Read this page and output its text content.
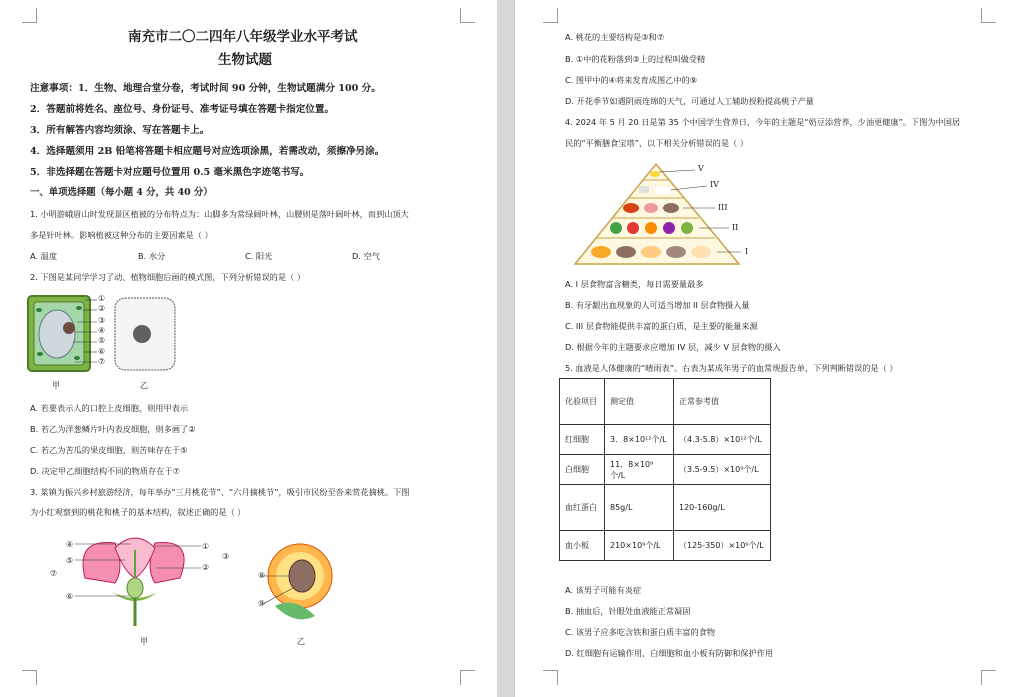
南充市二〇二四年八年级学业水平考试
生物试题
注意事项：1．生物、地理合堂分卷，考试时间 90 分钟，生物试题满分 100 分。
2．答题前将姓名、座位号、身份证号、准考证号填在答题卡指定位置。
3．所有解答内容均须涂、写在答题卡上。
4．选择题须用 2B 铅笔将答题卡相应题号对应选项涂黑，若需改动，须擦净另涂。
5．非选择题在答题卡对应题号位置用 0.5 毫米黑色字迹笔书写。
一、单项选择题（每小题 4 分，共 40 分）
1. 小明游峨眉山时发现景区植被的分布特点为：山脚多为常绿阔叶林，山腰则是落叶阔叶林，而到山顶大
多是针叶林。影响植被这种分布的主要因素是（ ）
A. 温度	B. 水分	C. 阳光	D. 空气
2. 下图是某同学学习了动、植物细胞后画的模式图，下列分析错误的是（ ）
①
②
③
④
⑤
⑥
⑦
甲	乙
A. 若要表示人的口腔上皮细胞，则用甲表示
B. 若乙为洋葱鳞片叶内表皮细胞，则多画了②
C. 若乙为苦瓜的果皮细胞，则苦味存在于⑤
D. 决定甲乙细胞结构不同的物质存在于⑦
3. 某镇为振兴乡村旅游经济，每年举办“三月桃花节”、“六月摘桃节”，吸引市民纷至沓来赏花摘桃。下图
为小红观察到的桃花和桃子的基本结构，叙述正确的是（ ）
④
⑤
⑦
⑥
①
②
③
⑧
⑨
甲	乙
A. 桃花的主要结构是③和⑦
B. ①中的花粉落到③上的过程叫做受精
C. 图甲中的④将来发育成图乙中的⑨
D. 开花季节如遇阴雨连绵的天气，可通过人工辅助授粉提高桃子产量
4. 2024 年 5 月 20 日是第 35 个中国学生营养日，今年的主题是“奶豆添营养，少油更健康”。下图为中国居
民的“平衡膳食宝塔”，以下相关分析错误的是（ ）
V
IV
III
II
I
A. I 层食物富含糖类，每日需要量最多
B. 有牙龈出血现象的人可适当增加 II 层食物摄入量
C. III 层食物能提供丰富的蛋白质，是主要的能量来源
D. 根据今年的主题要求应增加 IV 层，减少 V 层食物的摄入
5. 血液是人体健康的“晴雨表”。右表为某成年男子的血常规报告单，下列判断错误的是（ ）
化验项目	测定值	正常参考值
红细胞	3．8×10¹²个/L	（4.3-5.8）×10¹²个/L
白细胞	11．8×10⁹个/L	（3.5-9.5）×10⁹个/L
血红蛋白	85g/L	120-160g/L
血小板	210×10⁹个/L	（125-350）×10⁹个/L
A. 该男子可能有炎症
B. 抽血后，针眼处血液能正常凝固
C. 该男子应多吃含铁和蛋白质丰富的食物
D. 红细胞有运输作用，白细胞和血小板有防御和保护作用
